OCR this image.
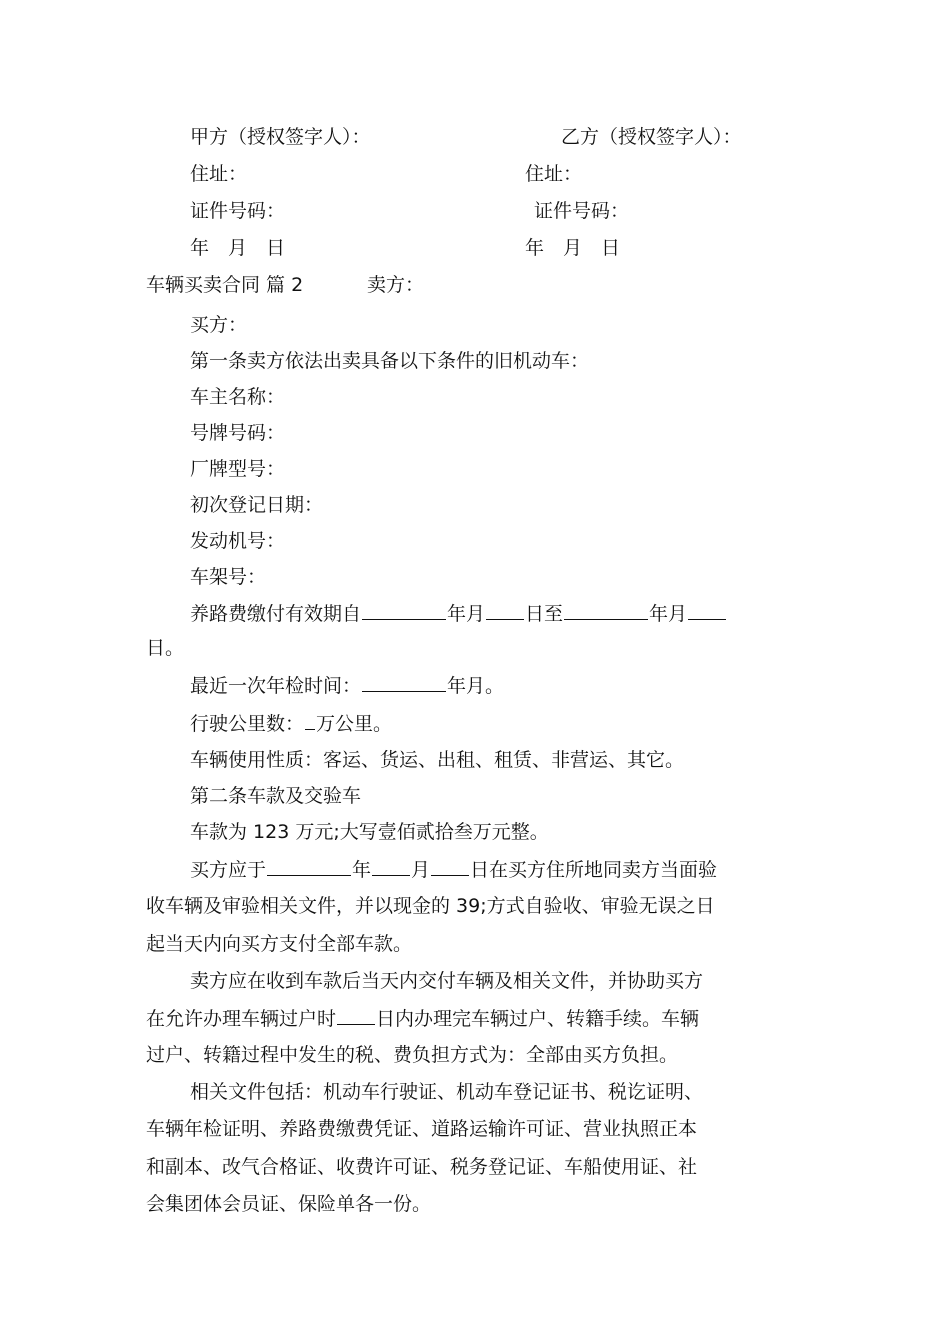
甲方（授权签字人）：	乙方（授权签字人）：
住址：	住址：
证件号码：	证件号码：
年　月　日	年　月　日
车辆买卖合同 篇 2	卖方：
买方：
第一条卖方依法出卖具备以下条件的旧机动车：
车主名称：
号牌号码：
厂牌型号：
初次登记日期：
发动机号：
车架号：
养路费缴付有效期自	年月 日至	年月
日。
最近一次年检时间：	年月。
行驶公里数： 万公里。
车辆使用性质：客运、货运、出租、租赁、非营运、其它。
第二条车款及交验车
车款为 123 万元;大写壹佰贰拾叁万元整。
买方应于	年 月 日在买方住所地同卖方当面验
收车辆及审验相关文件，并以现金的 39;方式自验收、审验无误之日
起当天内向买方支付全部车款。
卖方应在收到车款后当天内交付车辆及相关文件，并协助买方
在允许办理车辆过户时 日内办理完车辆过户、转籍手续。车辆
过户、转籍过程中发生的税、费负担方式为：全部由买方负担。
相关文件包括：机动车行驶证、机动车登记证书、税讫证明、
车辆年检证明、养路费缴费凭证、道路运输许可证、营业执照正本
和副本、改气合格证、收费许可证、税务登记证、车船使用证、社
会集团体会员证、保险单各一份。
